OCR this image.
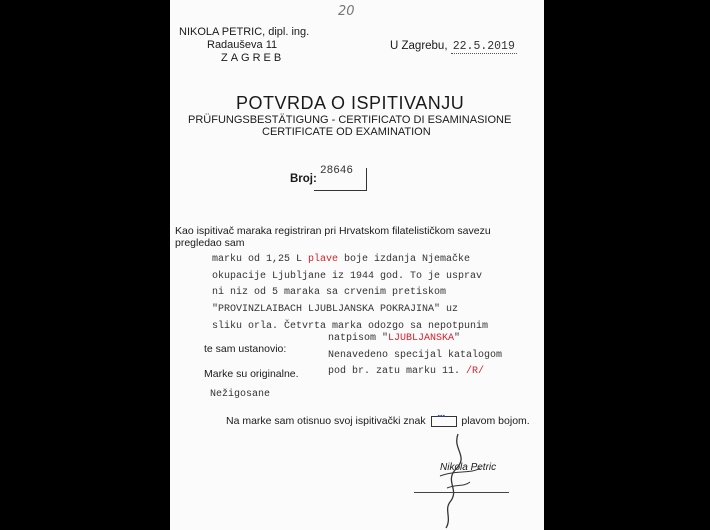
20
NIKOLA PETRIC, dipl. ing.
Radauševa 11
ZAGREB
U Zagrebu, 22.5.2019
POTVRDA O ISPITIVANJU
PRÜFUNGSBESTÄTIGUNG - CERTIFICATO DI ESAMINASIONE
CERTIFICATE OD EXAMINATION
Broj:
28646
Kao ispitivač maraka registriran pri Hrvatskom filatelističkom savezu
pregledao sam
marku od 1,25 L plave boje izdanja Njemačke
okupacije Ljubljane iz 1944 god. To je usprav
ni niz od 5 maraka sa crvenim pretiskom
"PROVINZLAIBACH LJUBLJANSKA POKRAJINA" uz
sliku orla. Četvrta marka odozgo sa nepotpunim
te sam ustanovio:
natpisom "LJUBLJANSKA"
Nenavedeno specijal katalogom
pod br. zatu marku 11. /R/
Marke su originalne.
Nežigosane
Na marke sam otisnuo svoj ispitivački znak ▪▪▪ plavom bojom.
Nikola Petric
